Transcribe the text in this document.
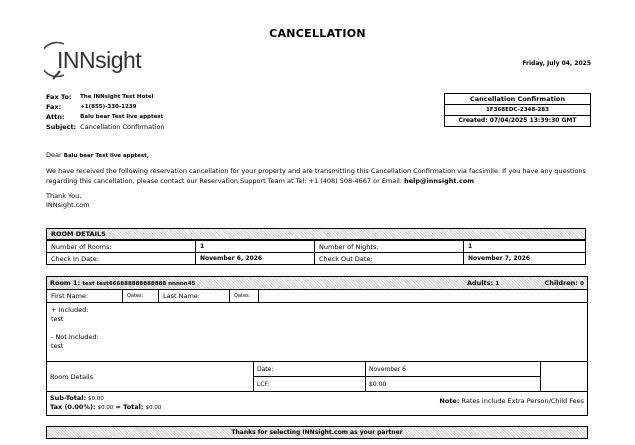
CANCELLATION
INNsight	Friday, July 04, 2025
Fax To:	The INNsight Test Hotel
Fax:	+1(855)-330-1239
Attn:	Balu bear Test live apptest
Subject:	Cancellation Confirmation
Cancellation Confirmation
1F368EDC-2348-283
Created: 07/04/2025 13:39:30 GMT
Dear Balu bear Test live apptest,
We have received the following reservation cancellation for your property and are transmitting this Cancellation Confirmation via facsimile. If you have any questions regarding this cancellation, please contact our Reservation Support Team at Tel: +1 (408) 508-4667 or Email: help@innsight.com
Thank You,
INNsight.com
ROOM DETAILS
Number of Rooms:	1	Number of Nights:	1
Check In Date:	November 6, 2026	Check Out Date:	November 7, 2026
Room 1: test test666888888888888 nnnnn45	Adults: 1	Children: 0
First Name:	Qates:	Last Name:	Qates:
+ Included:
test
- Not Included:
test
Room Details	Date:	November 6	
	LCF:	$0.00	
Sub-Total: $0.00
Tax (0.00%): $0.00 = Total: $0.00
Note: Rates include Extra Person/Child Fees
Thanks for selecting INNsight.com as your partner
